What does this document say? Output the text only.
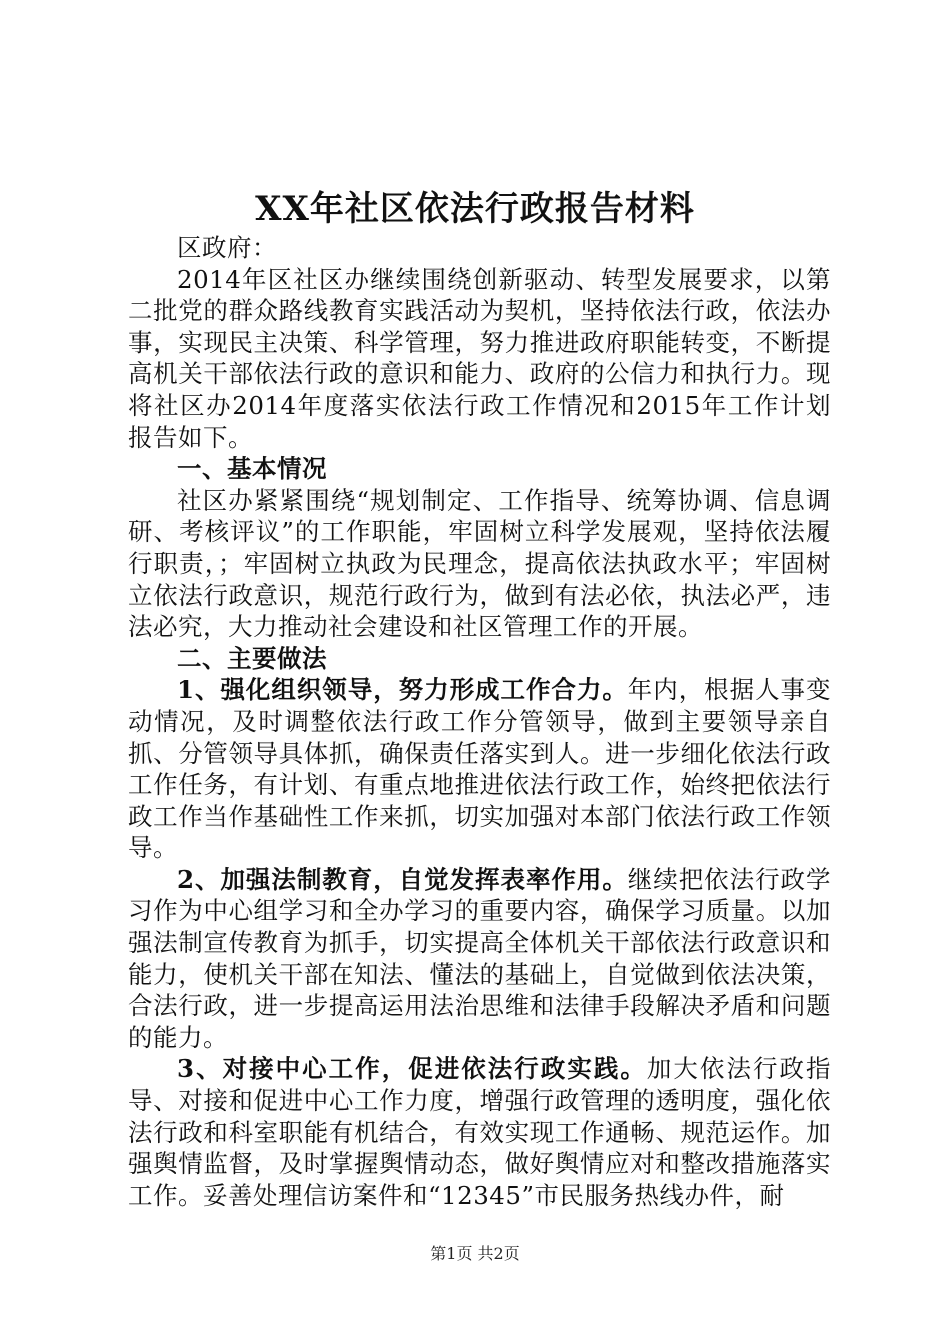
XX年社区依法行政报告材料

区政府：

2014年区社区办继续围绕创新驱动、转型发展要求，以第二批党的群众路线教育实践活动为契机，坚持依法行政，依法办事，实现民主决策、科学管理，努力推进政府职能转变，不断提高机关干部依法行政的意识和能力、政府的公信力和执行力。现将社区办2014年度落实依法行政工作情况和2015年工作计划报告如下。

一、基本情况

社区办紧紧围绕“规划制定、工作指导、统筹协调、信息调研、考核评议”的工作职能，牢固树立科学发展观，坚持依法履行职责，；牢固树立执政为民理念，提高依法执政水平；牢固树立依法行政意识，规范行政行为，做到有法必依，执法必严，违法必究，大力推动社会建设和社区管理工作的开展。

二、主要做法

1、强化组织领导，努力形成工作合力。年内，根据人事变动情况，及时调整依法行政工作分管领导，做到主要领导亲自抓、分管领导具体抓，确保责任落实到人。进一步细化依法行政工作任务，有计划、有重点地推进依法行政工作，始终把依法行政工作当作基础性工作来抓，切实加强对本部门依法行政工作领导。

2、加强法制教育，自觉发挥表率作用。继续把依法行政学习作为中心组学习和全办学习的重要内容，确保学习质量。以加强法制宣传教育为抓手，切实提高全体机关干部依法行政意识和能力，使机关干部在知法、懂法的基础上，自觉做到依法决策，合法行政，进一步提高运用法治思维和法律手段解决矛盾和问题的能力。

3、对接中心工作，促进依法行政实践。加大依法行政指导、对接和促进中心工作力度，增强行政管理的透明度，强化依法行政和科室职能有机结合，有效实现工作通畅、规范运作。加强舆情监督，及时掌握舆情动态，做好舆情应对和整改措施落实工作。妥善处理信访案件和“12345”市民服务热线办件，耐

第1页 共2页
